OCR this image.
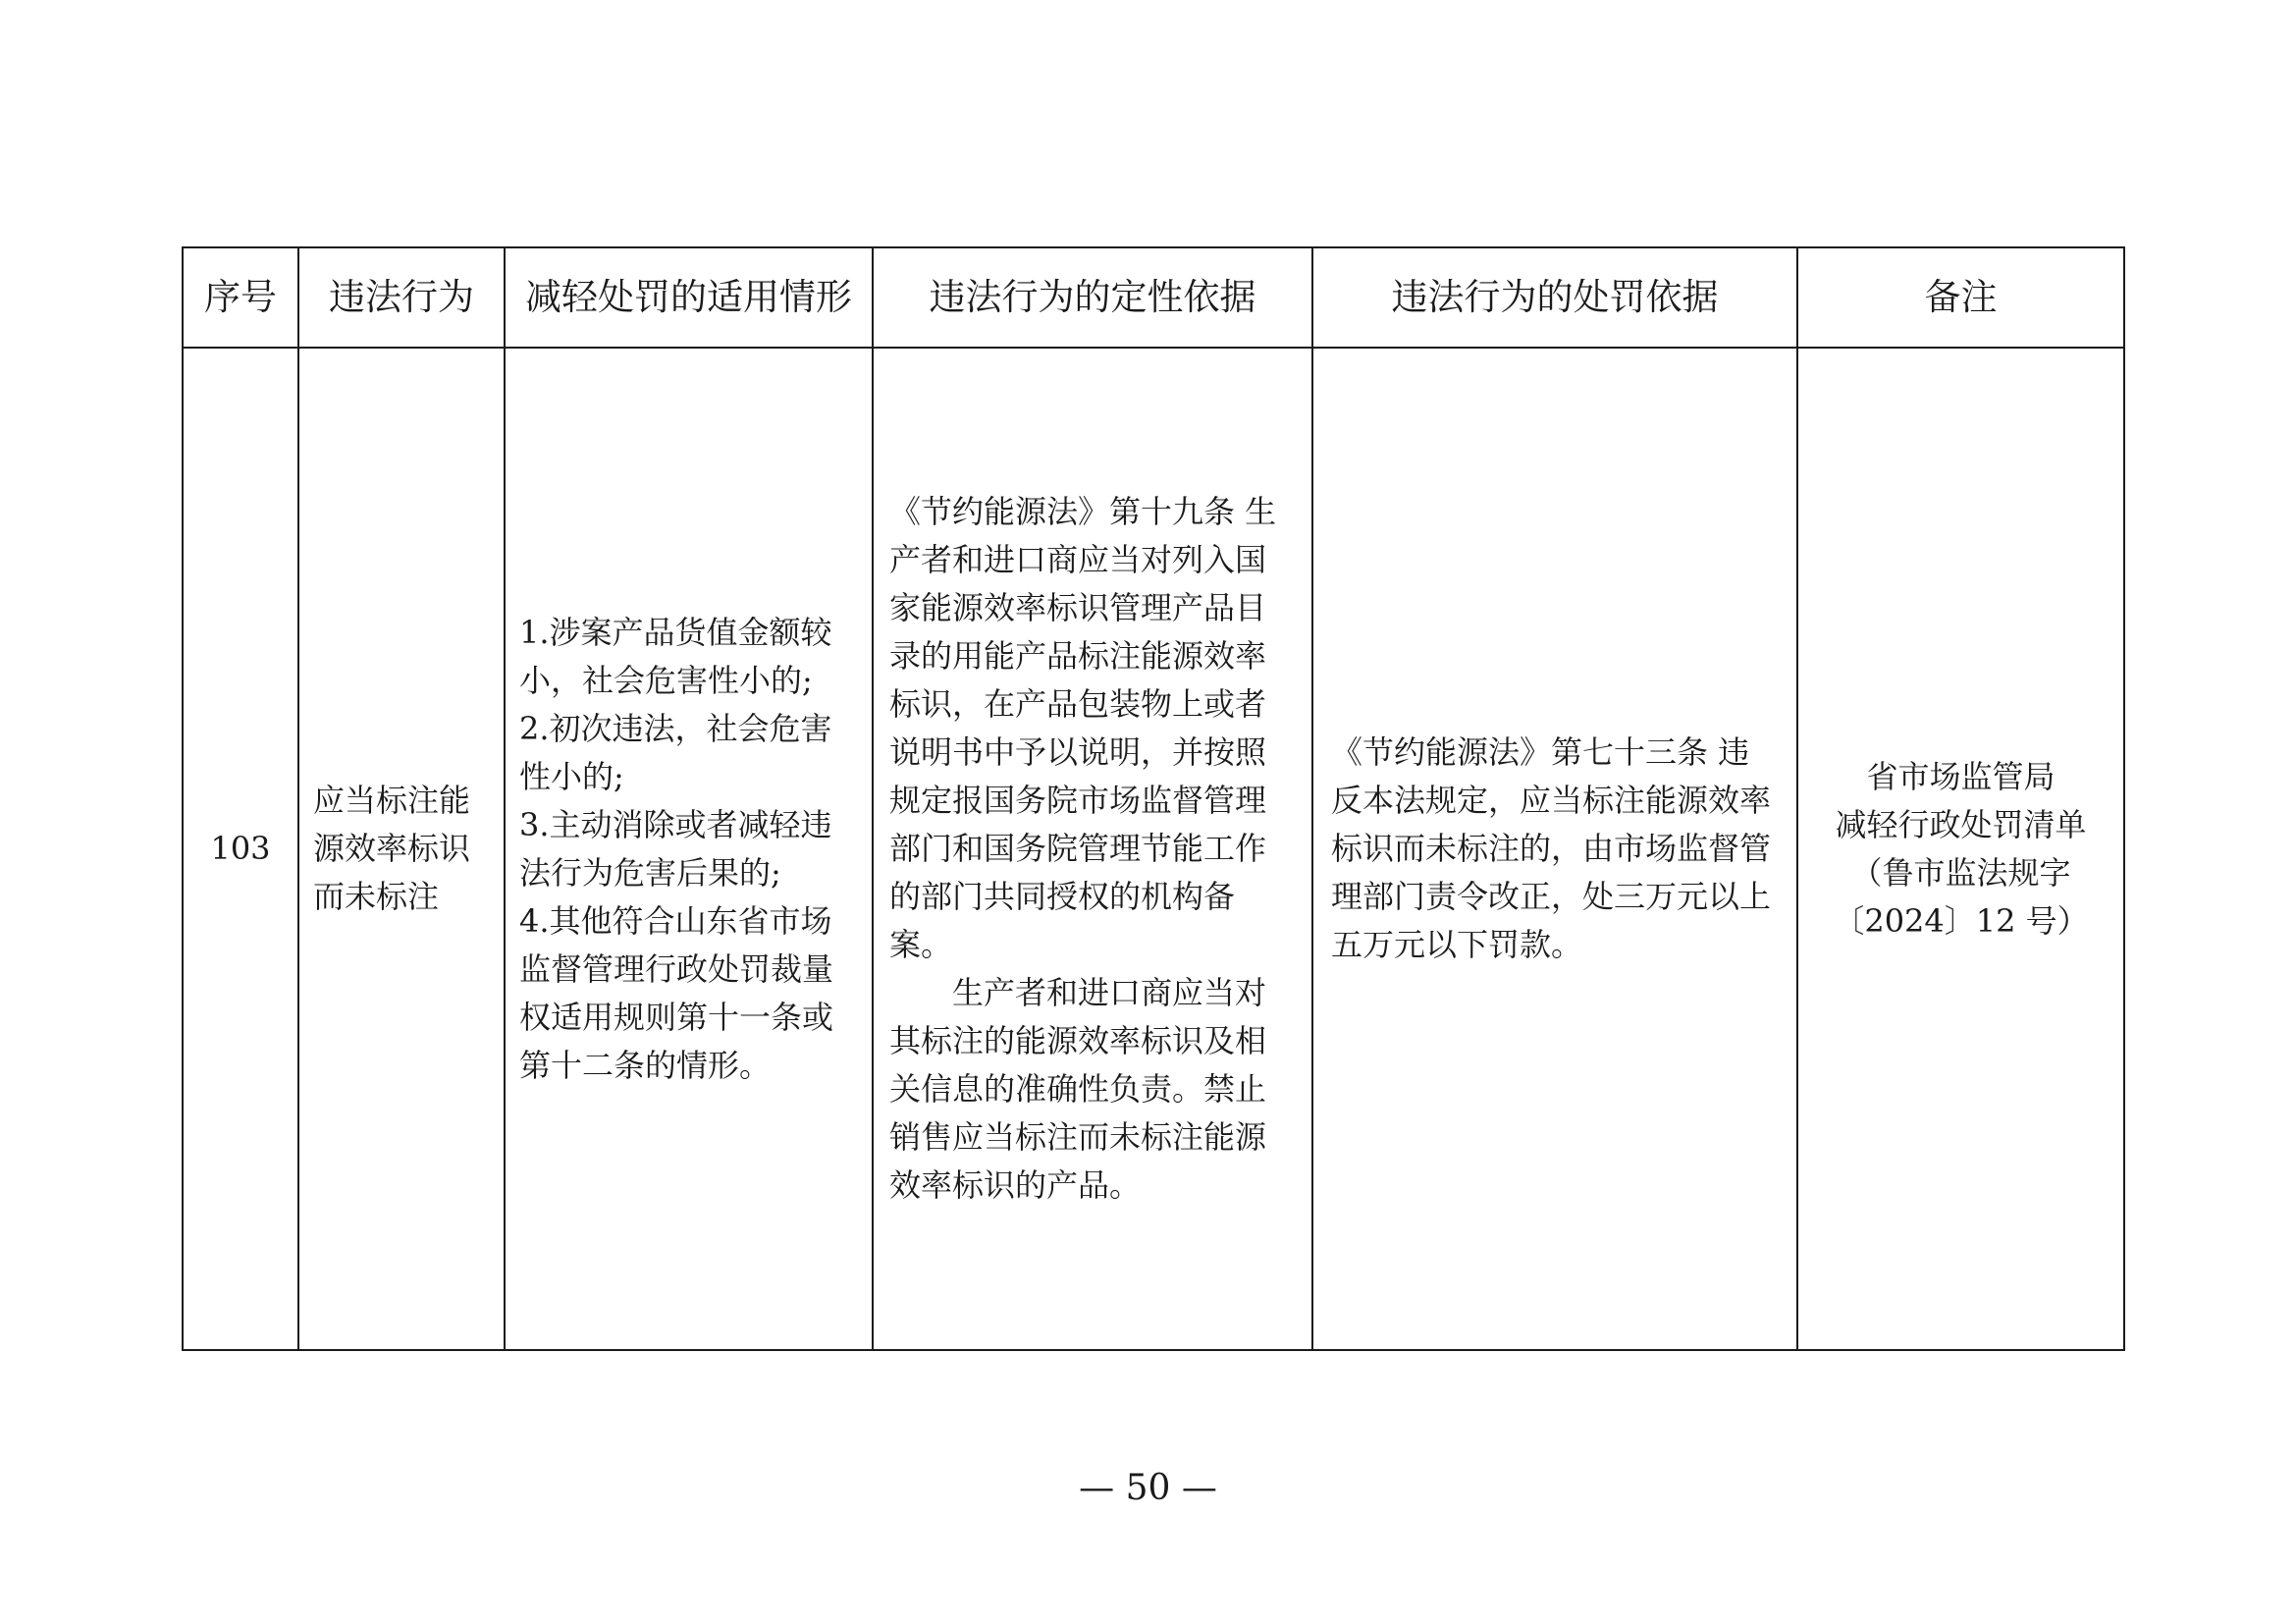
序号	违法行为	减轻处罚的适用情形	违法行为的定性依据	违法行为的处罚依据	备注
103	应当标注能源效率标识而未标注	1.涉案产品货值金额较小，社会危害性小的;
2.初次违法，社会危害性小的;
3.主动消除或者减轻违法行为危害后果的;
4.其他符合山东省市场监督管理行政处罚裁量权适用规则第十一条或第十二条的情形。	《节约能源法》第十九条 生产者和进口商应当对列入国家能源效率标识管理产品目录的用能产品标注能源效率标识，在产品包装物上或者说明书中予以说明，并按照规定报国务院市场监督管理部门和国务院管理节能工作的部门共同授权的机构备案。
生产者和进口商应当对其标注的能源效率标识及相关信息的准确性负责。禁止销售应当标注而未标注能源效率标识的产品。	《节约能源法》第七十三条 违反本法规定，应当标注能源效率标识而未标注的，由市场监督管理部门责令改正，处三万元以上五万元以下罚款。	省市场监管局
减轻行政处罚清单
（鲁市监法规字
〔2024〕12 号）
— 50 —
